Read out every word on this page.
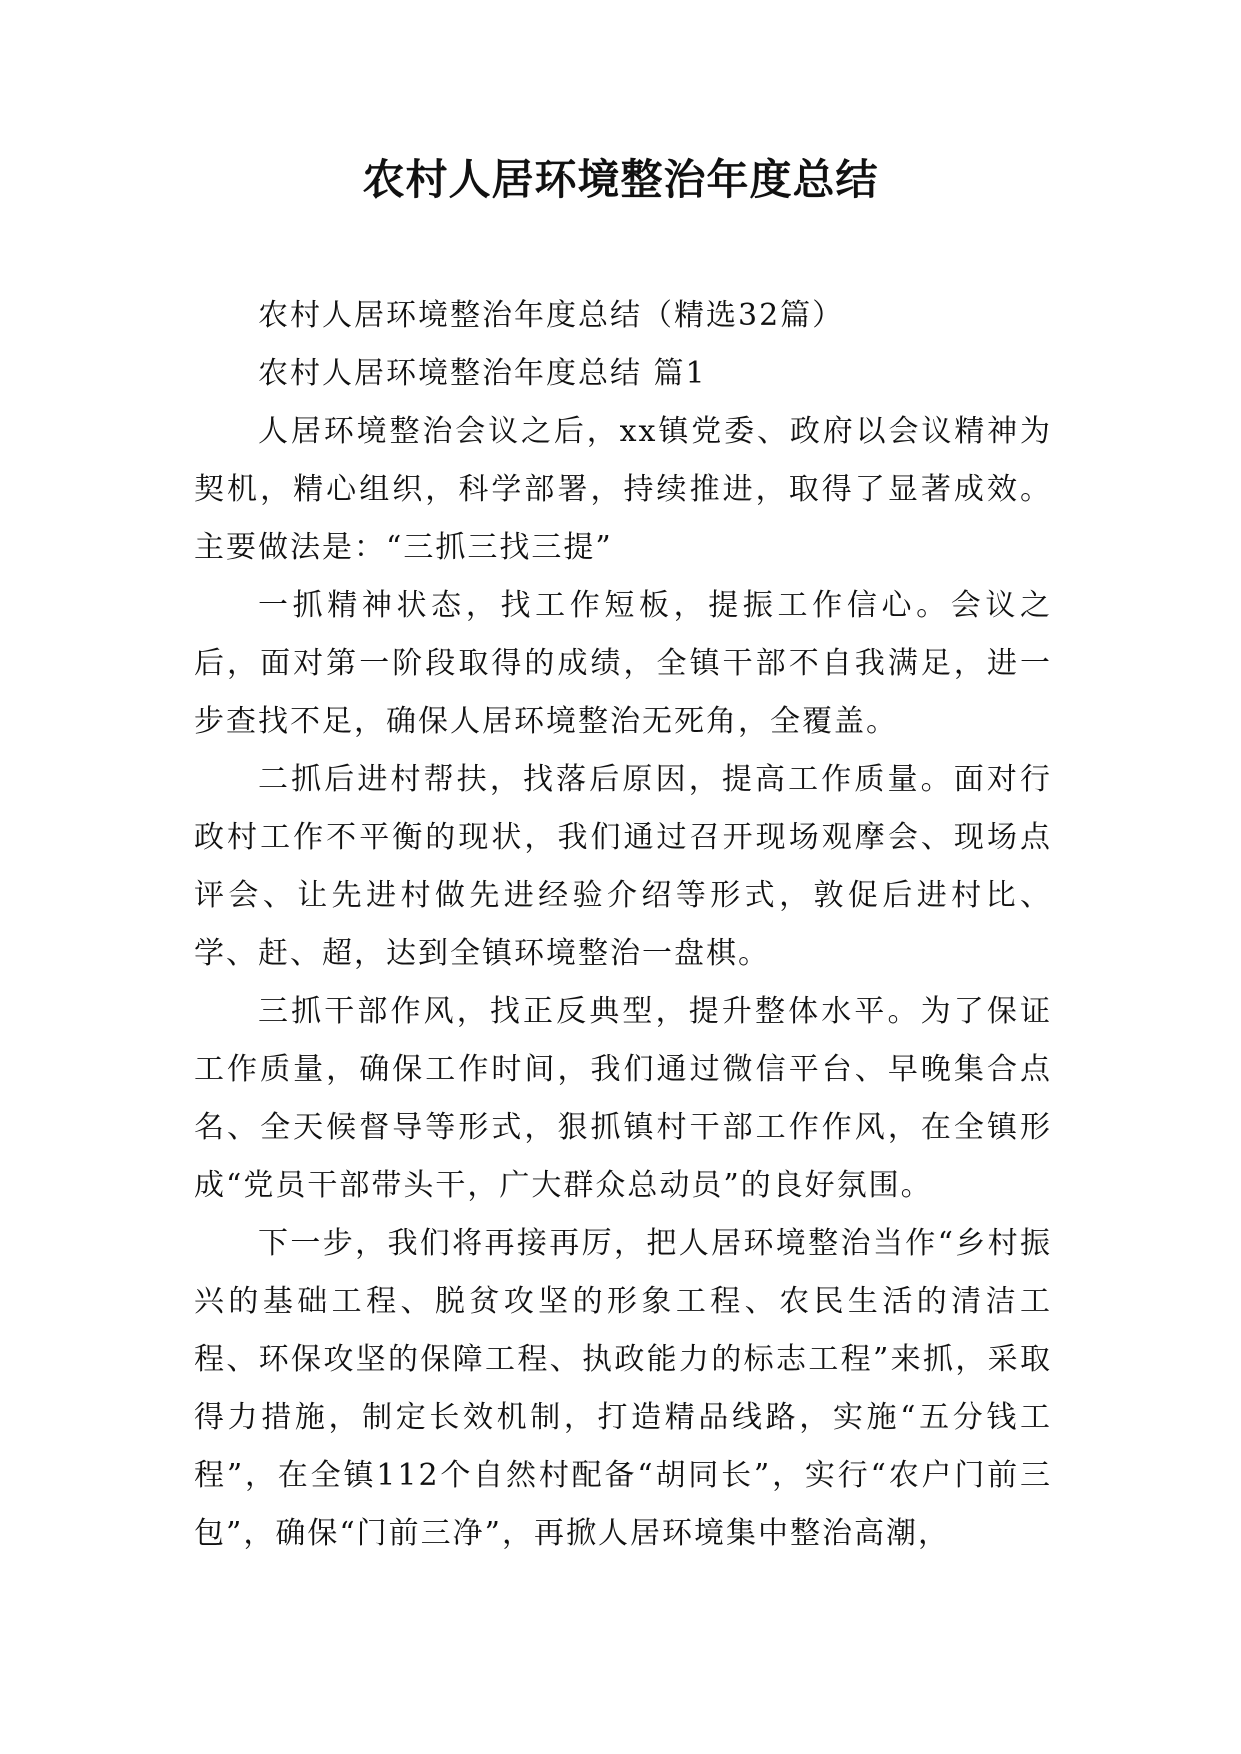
农村人居环境整治年度总结

农村人居环境整治年度总结（精选32篇）

农村人居环境整治年度总结 篇1

人居环境整治会议之后，xx镇党委、政府以会议精神为契机，精心组织，科学部署，持续推进，取得了显著成效。主要做法是：“三抓三找三提”

一抓精神状态，找工作短板，提振工作信心。会议之后，面对第一阶段取得的成绩，全镇干部不自我满足，进一步查找不足，确保人居环境整治无死角，全覆盖。

二抓后进村帮扶，找落后原因，提高工作质量。面对行政村工作不平衡的现状，我们通过召开现场观摩会、现场点评会、让先进村做先进经验介绍等形式，敦促后进村比、学、赶、超，达到全镇环境整治一盘棋。

三抓干部作风，找正反典型，提升整体水平。为了保证工作质量，确保工作时间，我们通过微信平台、早晚集合点名、全天候督导等形式，狠抓镇村干部工作作风，在全镇形成“党员干部带头干，广大群众总动员”的良好氛围。

下一步，我们将再接再厉，把人居环境整治当作“乡村振兴的基础工程、脱贫攻坚的形象工程、农民生活的清洁工程、环保攻坚的保障工程、执政能力的标志工程”来抓，采取得力措施，制定长效机制，打造精品线路，实施“五分钱工程”，在全镇112个自然村配备“胡同长”，实行“农户门前三包”，确保“门前三净”，再掀人居环境集中整治高潮，
